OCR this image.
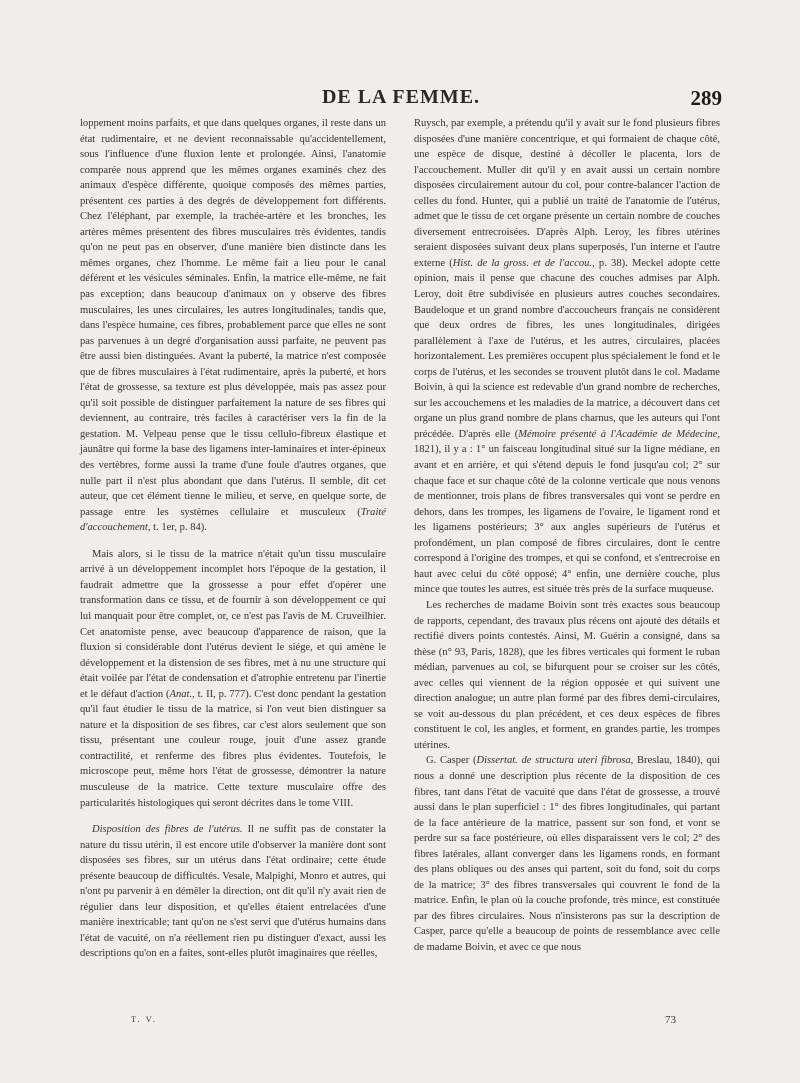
DE LA FEMME.	289

loppement moins parfaits, et que dans quelques organes, il reste dans un état rudimentaire, et ne devient reconnaissable qu'accidentellement, sous l'influence d'une fluxion lente et prolongée. Ainsi, l'anatomie comparée nous apprend que les mêmes organes examinés chez des animaux d'espèce différente, quoique composés des mêmes parties, présentent ces parties à des degrés de développement fort différents. Chez l'éléphant, par exemple, la trachée-artère et les bronches, les artères mêmes présentent des fibres musculaires très évidentes, tandis qu'on ne peut pas en observer, d'une manière bien distincte dans les mêmes organes, chez l'homme. Le même fait a lieu pour le canal déférent et les vésicules séminales. Enfin, la matrice elle-même, ne fait pas exception; dans beaucoup d'animaux on y observe des fibres musculaires, les unes circulaires, les autres longitudinales, tandis que, dans l'espèce humaine, ces fibres, probablement parce que elles ne sont pas parvenues à un degré d'organisation aussi parfaite, ne peuvent pas être aussi bien distinguées. Avant la puberté, la matrice n'est composée que de fibres musculaires à l'état rudimentaire, après la puberté, et hors l'état de grossesse, sa texture est plus développée, mais pas assez pour qu'il soit possible de distinguer parfaitement la nature de ses fibres qui deviennent, au contraire, très faciles à caractériser vers la fin de la gestation. M. Velpeau pense que le tissu celluło-fibreux élastique et jaunâtre qui forme la base des ligamens inter-laminaires et inter-épineux des vertèbres, forme aussi la trame d'une foule d'autres organes, que nulle part il n'est plus abondant que dans l'utérus. Il semble, dit cet auteur, que cet élément tienne le milieu, et serve, en quelque sorte, de passage entre les systèmes cellulaire et musculeux (Traité d'accouchement, t. 1er, p. 84).

Mais alors, si le tissu de la matrice n'était qu'un tissu musculaire arrivé à un développement incomplet hors l'époque de la gestation, il faudrait admettre que la grossesse a pour effet d'opérer une transformation dans ce tissu, et de fournir à son développement ce qui lui manquait pour être complet, or, ce n'est pas l'avis de M. Cruveilhier. Cet anatomiste pense, avec beaucoup d'apparence de raison, que la fluxion si considérable dont l'utérus devient le siége, et qui amène le développement et la distension de ses fibres, met à nu une structure qui était voilée par l'état de condensation et d'atrophie entretenu par l'inertie et le défaut d'action (Anat., t. II, p. 777). C'est donc pendant la gestation qu'il faut étudier le tissu de la matrice, si l'on veut bien distinguer sa nature et la disposition de ses fibres, car c'est alors seulement que son tissu, présentant une couleur rouge, jouit d'une assez grande contractilité, et renferme des fibres plus évidentes. Toutefois, le microscope peut, même hors l'état de grossesse, démontrer la nature musculeuse de la matrice. Cette texture musculaire offre des particularités histologiques qui seront décrites dans le tome VIII.

Disposition des fibres de l'utérus. Il ne suffit pas de constater la nature du tissu utérin, il est encore utile d'observer la manière dont sont disposées ses fibres, sur un utérus dans l'état ordinaire; cette étude présente beaucoup de difficultés. Vesale, Malpighi, Monro et autres, qui n'ont pu parvenir à en démêler la direction, ont dit qu'il n'y avait rien de régulier dans leur disposition, et qu'elles étaient entrelacées d'une manière inextricable; tant qu'on ne s'est servi que d'utérus humains dans l'état de vacuité, on n'a réellement rien pu distinguer d'exact, aussi les descriptions qu'on en a faites, sont-elles plutôt imaginaires que réelles,

Ruysch, par exemple, a prétendu qu'il y avait sur le fond plusieurs fibres disposées d'une manière concentrique, et qui formaient de chaque côté, une espèce de disque, destiné à décoller le placenta, lors de l'accouchement. Muller dit qu'il y en avait aussi un certain nombre disposées circulairement autour du col, pour contre-balancer l'action de celles du fond. Hunter, qui a publié un traité de l'anatomie de l'utérus, admet que le tissu de cet organe présente un certain nombre de couches diversement entrecroisées. D'après Alph. Leroy, les fibres utérines seraient disposées suivant deux plans superposés, l'un interne et l'autre externe (Hist. de la gross. et de l'accou., p. 38). Meckel adopte cette opinion, mais il pense que chacune des couches admises par Alph. Leroy, doit être subdivisée en plusieurs autres couches secondaires. Baudeloque et un grand nombre d'accoucheurs français ne considèrent que deux ordres de fibres, les unes longitudinales, dirigées parallèlement à l'axe de l'utérus, et les autres, circulaires, placées horizontalement. Les premières occupent plus spécialement le fond et le corps de l'utérus, et les secondes se trouvent plutôt dans le col. Madame Boivin, à qui la science est redevable d'un grand nombre de recherches, sur les accouchemens et les maladies de la matrice, a découvert dans cet organe un plus grand nombre de plans charnus, que les auteurs qui l'ont précédée. D'après elle (Mémoire présenté à l'Académie de Médecine, 1821), il y a : 1° un faisceau longitudinal situé sur la ligne médiane, en avant et en arrière, et qui s'étend depuis le fond jusqu'au col; 2° sur chaque face et sur chaque côté de la colonne verticale que nous venons de mentionner, trois plans de fibres transversales qui vont se perdre en dehors, dans les trompes, les ligamens de l'ovaire, le ligament rond et les ligamens postérieurs; 3° aux angles supérieurs de l'utérus et profondément, un plan composé de fibres circulaires, dont le centre correspond à l'origine des trompes, et qui se confond, et s'entrecroise en haut avec celui du côté opposé; 4° enfin, une dernière couche, plus mince que toutes les autres, est située très près de la surface muqueuse.

Les recherches de madame Boivin sont très exactes sous beaucoup de rapports, cependant, des travaux plus récens ont ajouté des détails et rectifié divers points contestés. Ainsi, M. Guérin a consigné, dans sa thèse (n° 93, Paris, 1828), que les fibres verticales qui forment le ruban médian, parvenues au col, se bifurquent pour se croiser sur les côtés, avec celles qui viennent de la région opposée et qui suivent une direction analogue; un autre plan formé par des fibres demi-circulaires, se voit au-dessous du plan précédent, et ces deux espèces de fibres constituent le col, les angles, et forment, en grandes partie, les trompes utérines.

G. Casper (Dissertat. de structura uteri fibrosa, Breslau, 1840), qui nous a donné une description plus récente de la disposition de ces fibres, tant dans l'état de vacuité que dans l'état de grossesse, a trouvé aussi dans le plan superficiel : 1° des fibres longitudinales, qui partant de la face antérieure de la matrice, passent sur son fond, et vont se perdre sur sa face postérieure, où elles disparaissent vers le col; 2° des fibres latérales, allant converger dans les ligamens ronds, en formant des plans obliques ou des anses qui partent, soit du fond, soit du corps de la matrice; 3° des fibres transversales qui couvrent le fond de la matrice. Enfin, le plan où la couche profonde, très mince, est constituée par des fibres circulaires. Nous n'insisterons pas sur la description de Casper, parce qu'elle a beaucoup de points de ressemblance avec celle de madame Boivin, et avec ce que nous

T. V.	73
